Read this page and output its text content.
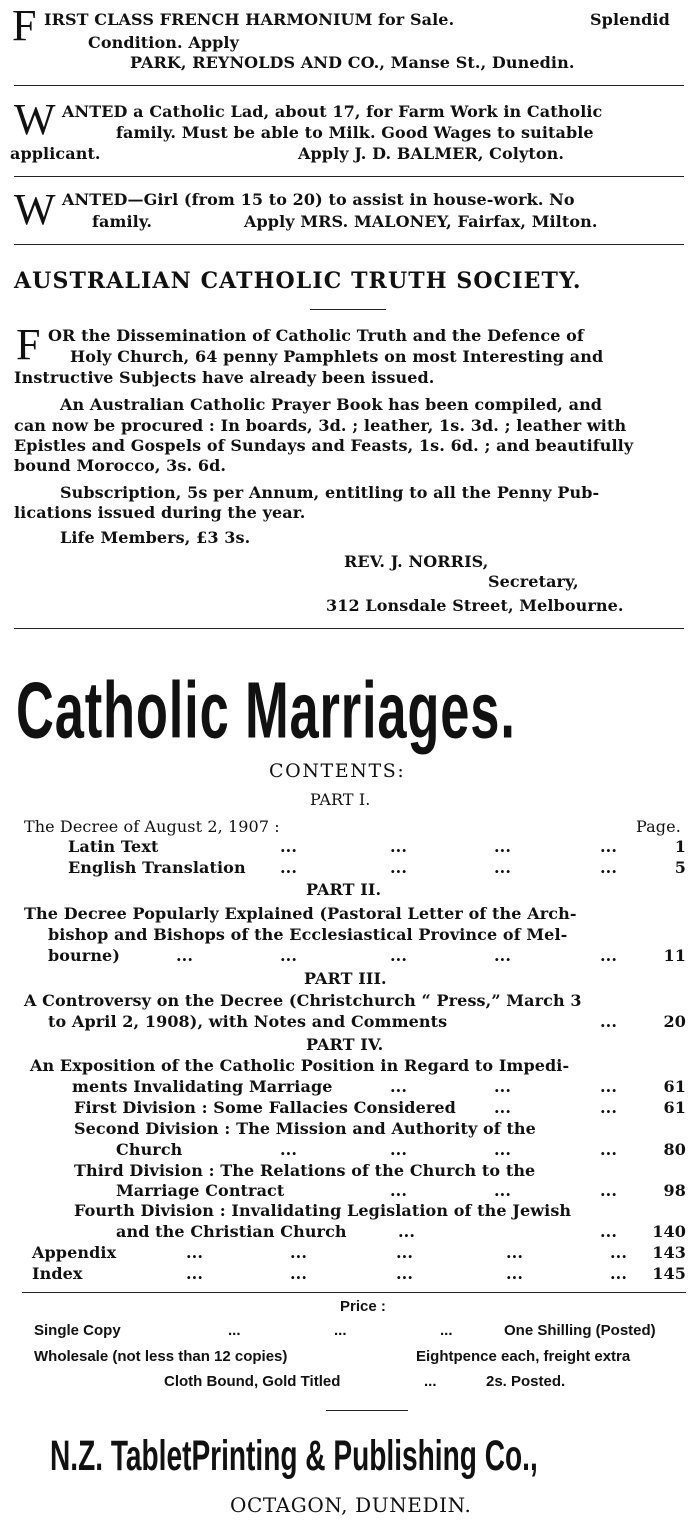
F IRST CLASS FRENCH HARMONIUM for Sale.	Splendid
Condition. Apply
PARK, REYNOLDS AND CO., Manse St., Dunedin.
W ANTED a Catholic Lad, about 17, for Farm Work in Catholic
family. Must be able to Milk. Good Wages to suitable
applicant.	Apply J. D. BALMER, Colyton.
W ANTED—Girl (from 15 to 20) to assist in house-work. No
family.	Apply MRS. MALONEY, Fairfax, Milton.
AUSTRALIAN CATHOLIC TRUTH SOCIETY.
F OR the Dissemination of Catholic Truth and the Defence of
Holy Church, 64 penny Pamphlets on most Interesting and
Instructive Subjects have already been issued.
An Australian Catholic Prayer Book has been compiled, and
can now be procured : In boards, 3d. ; leather, 1s. 3d. ; leather with
Epistles and Gospels of Sundays and Feasts, 1s. 6d. ; and beautifully
bound Morocco, 3s. 6d.
Subscription, 5s per Annum, entitling to all the Penny Pub-
lications issued during the year.
Life Members, £3 3s.
REV. J. NORRIS,
Secretary,
312 Lonsdale Street, Melbourne.
Catholic Marriages.
CONTENTS:
PART I.
The Decree of August 2, 1907 :	Page.
Latin Text	...	...	...	...	1
English Translation ...	...	...	...	5
PART II.
The Decree Popularly Explained (Pastoral Letter of the Arch-
bishop and Bishops of the Ecclesiastical Province of Mel-
bourne)	...	...	...	...	...	11
PART III.
A Controversy on the Decree (Christchurch “ Press,” March 3
to April 2, 1908), with Notes and Comments	...	20
PART IV.
An Exposition of the Catholic Position in Regard to Impedi-
ments Invalidating Marriage	...	...	...	61
First Division : Some Fallacies Considered ...	...	61
Second Division : The Mission and Authority of the
Church	...	...	...	...	80
Third Division : The Relations of the Church to the
Marriage Contract	...	...	...	98
Fourth Division : Invalidating Legislation of the Jewish
and the Christian Church	...	... 140
Appendix	...	...	...	...	... 143
Index	...	...	...	...	... 145
Price :
Single Copy	...	...	...	One Shilling (Posted)
Wholesale (not less than 12 copies)	Eightpence each, freight extra
Cloth Bound, Gold Titled	...	2s. Posted.
N.Z. TabletPrinting & Publishing Co.,
OCTAGON, DUNEDIN.
